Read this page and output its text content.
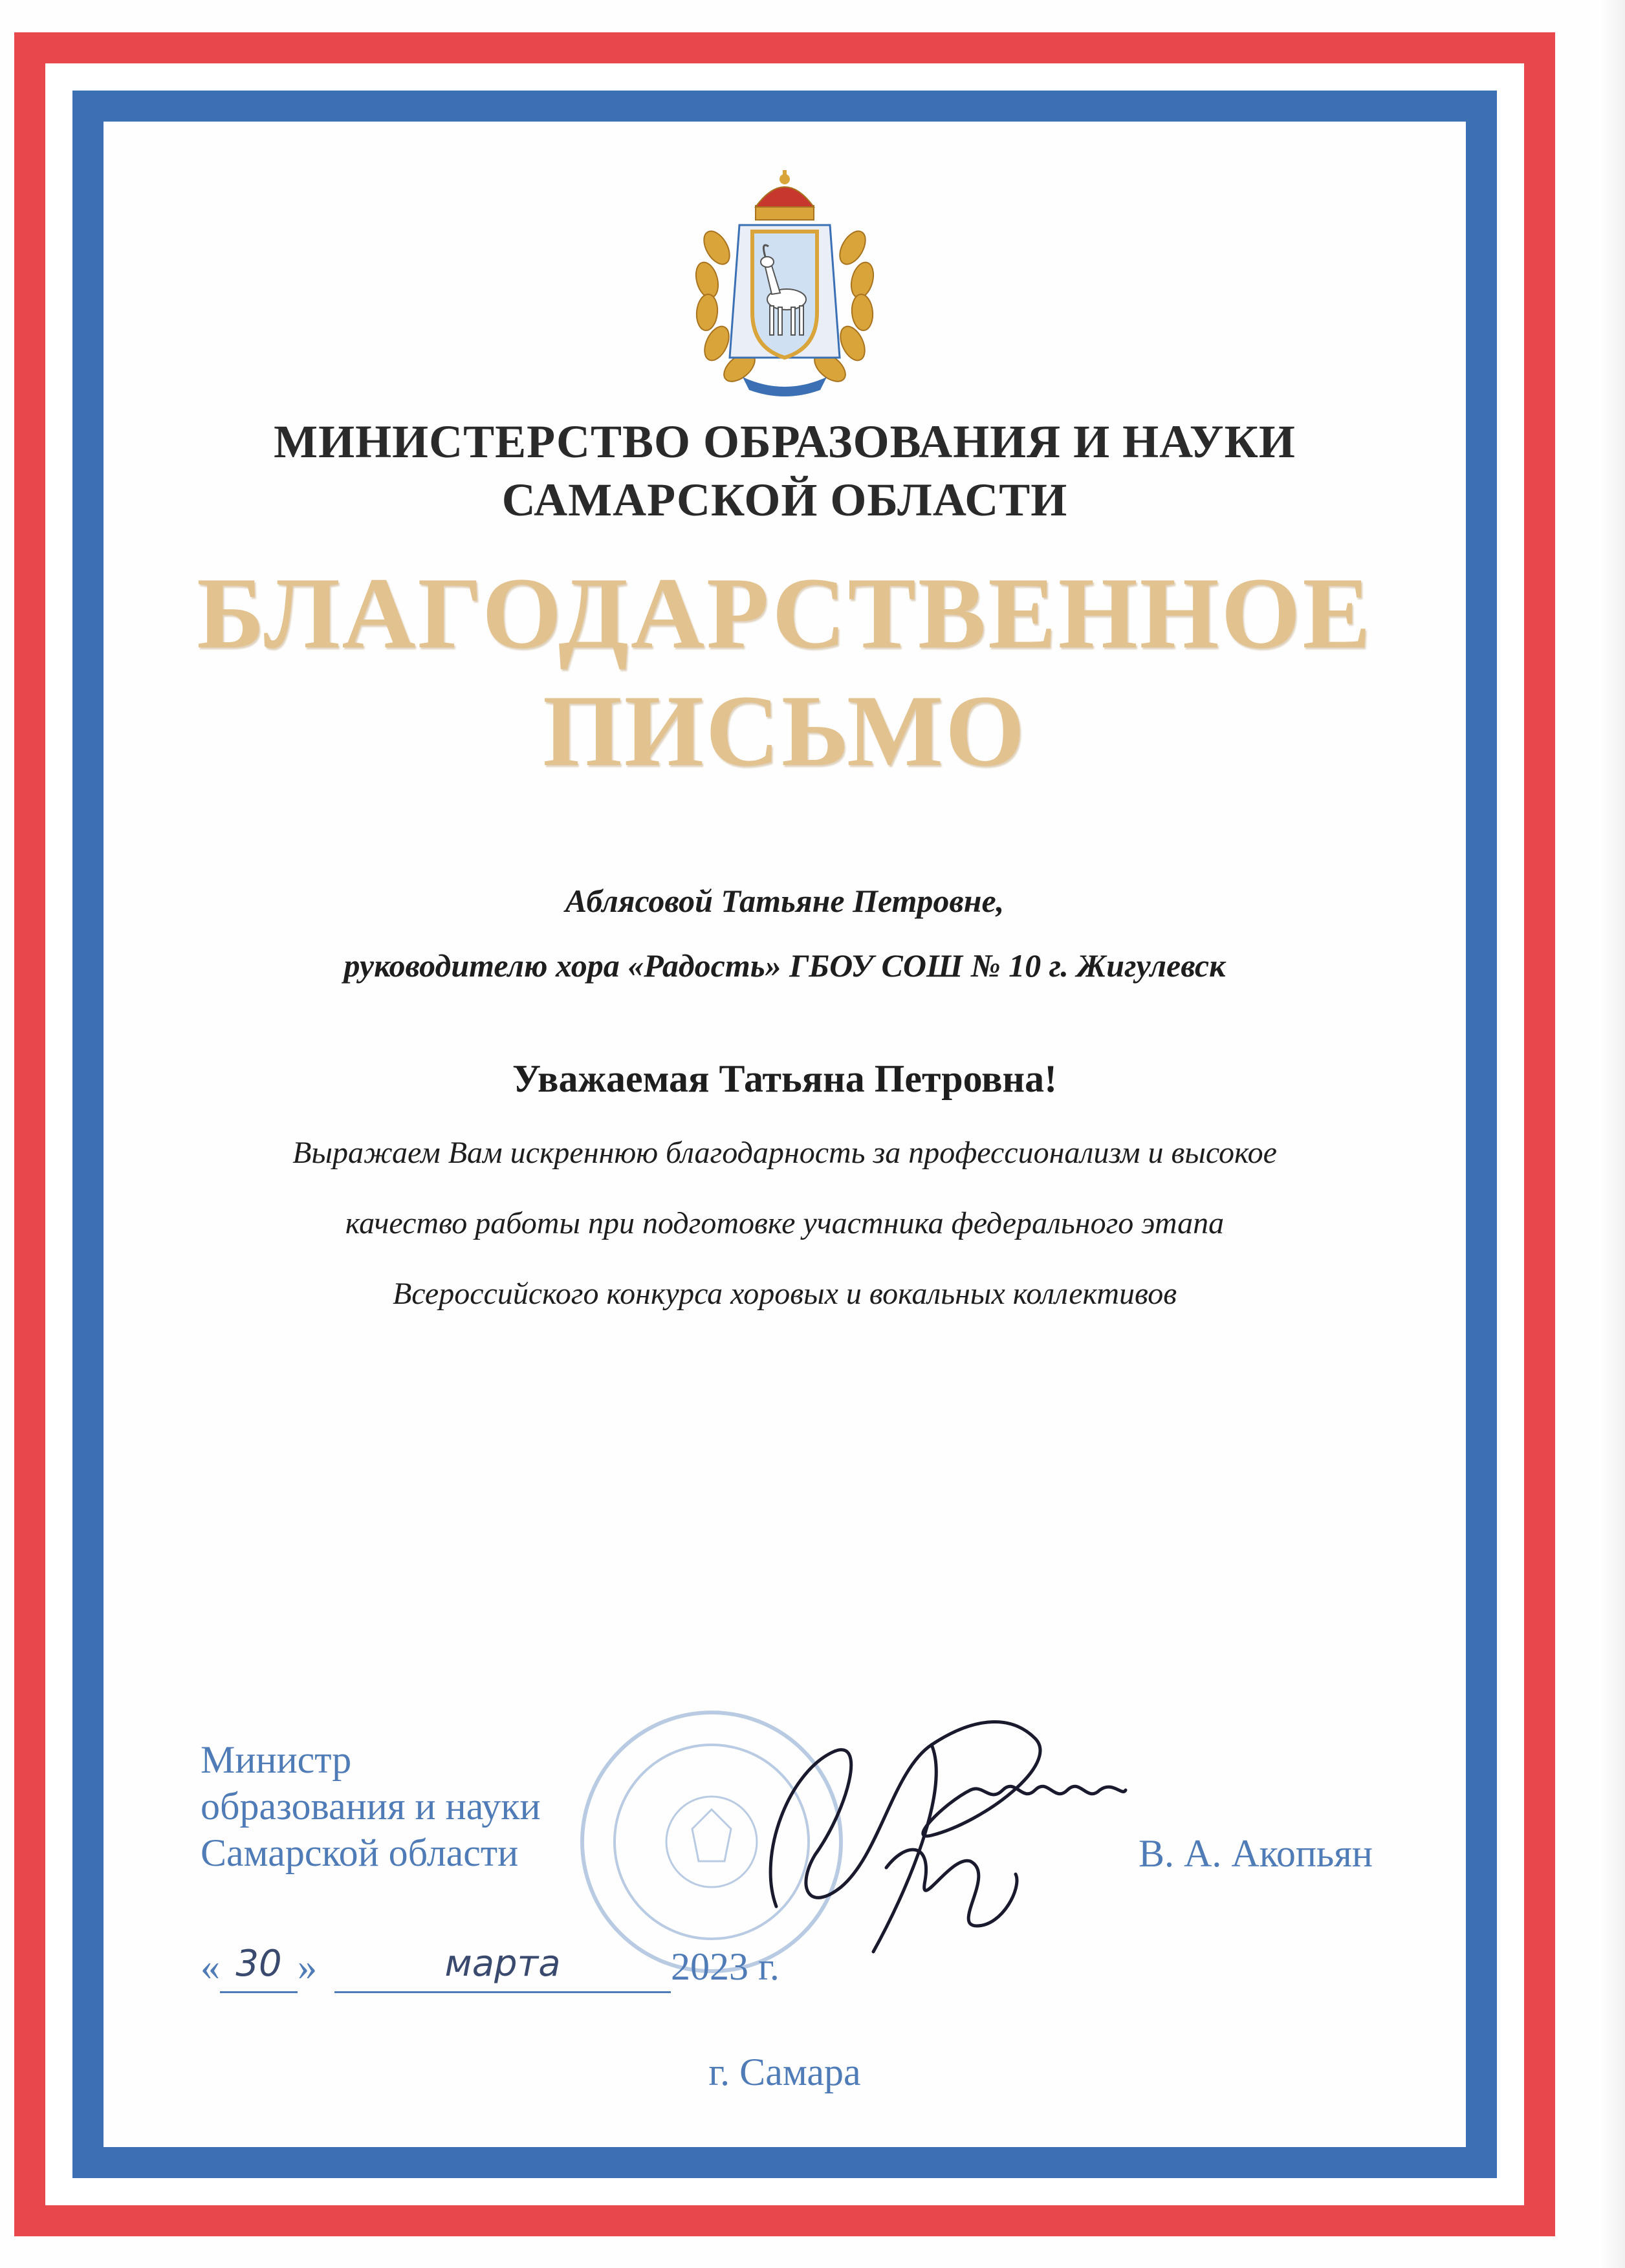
МИНИСТЕРСТВО ОБРАЗОВАНИЯ И НАУКИ
САМАРСКОЙ ОБЛАСТИ
БЛАГОДАРСТВЕННОЕ
ПИСЬМО
Аблясовой Татьяне Петровне,
руководителю хора «Радость» ГБОУ СОШ № 10 г. Жигулевск
Уважаемая Татьяна Петровна!
Выражаем Вам искреннюю благодарность за профессионализм и высокое
качество работы при подготовке участника федерального этапа
Всероссийского конкурса хоровых и вокальных коллективов
Министр
образования и науки
Самарской области	В. А. Акопьян
« 30 »	марта	2023 г.
г. Самара
